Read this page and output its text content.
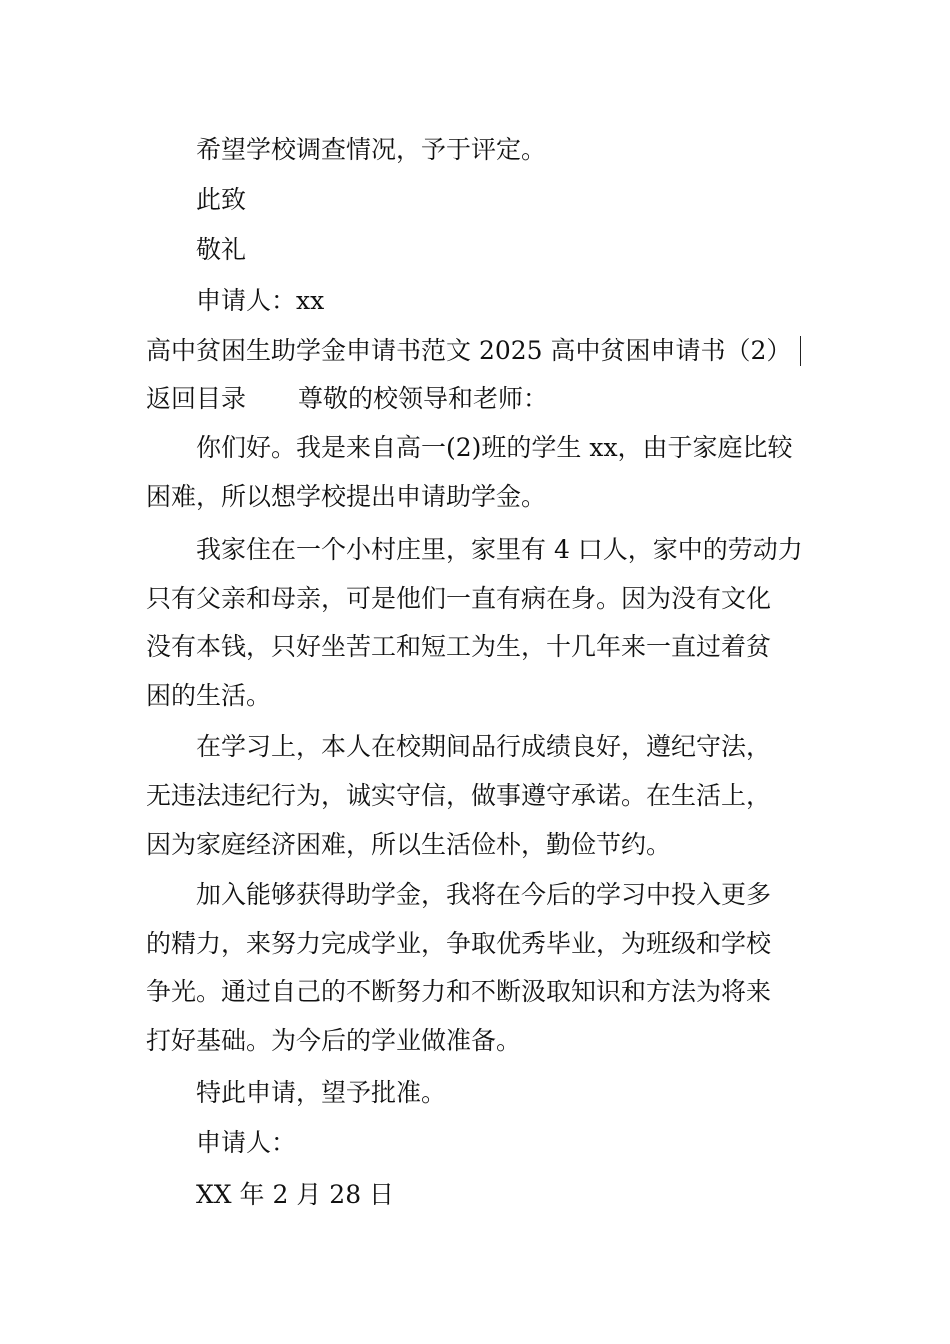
希望学校调查情况，予于评定。
此致
敬礼
申请人：xx
高中贫困生助学金申请书范文 2025 高中贫困申请书（2）
返回目录 尊敬的校领导和老师：
你们好。我是来自高一(2)班的学生 xx，由于家庭比较
困难，所以想学校提出申请助学金。
我家住在一个小村庄里，家里有 4 口人，家中的劳动力
只有父亲和母亲，可是他们一直有病在身。因为没有文化
没有本钱，只好坐苦工和短工为生，十几年来一直过着贫
困的生活。
在学习上，本人在校期间品行成绩良好，遵纪守法，
无违法违纪行为，诚实守信，做事遵守承诺。在生活上，
因为家庭经济困难，所以生活俭朴，勤俭节约。
加入能够获得助学金，我将在今后的学习中投入更多
的精力，来努力完成学业，争取优秀毕业，为班级和学校
争光。通过自己的不断努力和不断汲取知识和方法为将来
打好基础。为今后的学业做准备。
特此申请，望予批准。
申请人：
XX 年 2 月 28 日
